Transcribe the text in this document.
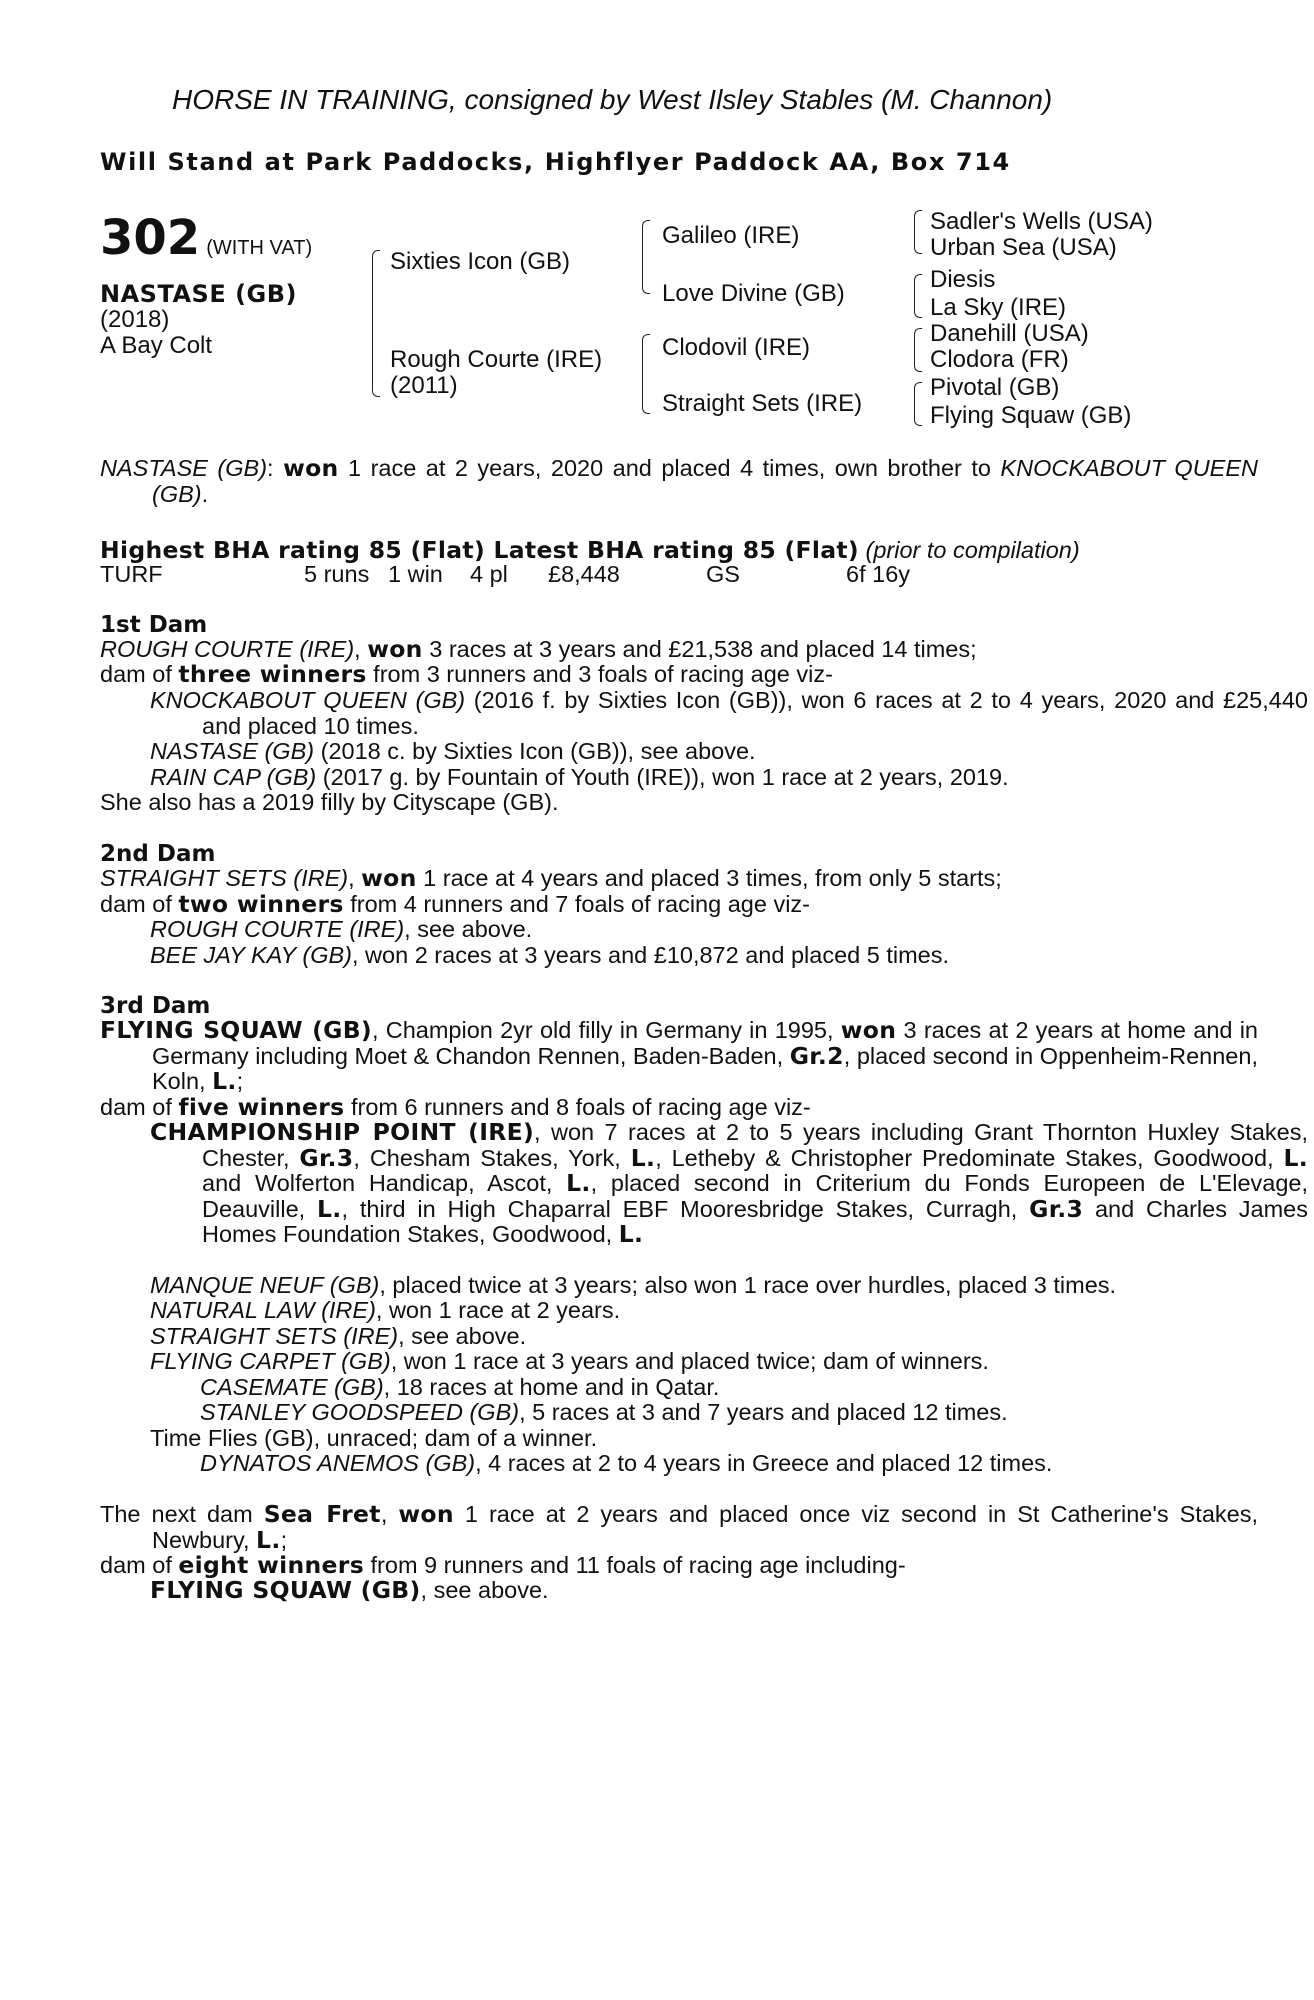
HORSE IN TRAINING, consigned by West Ilsley Stables (M. Channon)
Will Stand at Park Paddocks, Highflyer Paddock AA, Box 714
302 (WITH VAT)
NASTASE (GB)
(2018)
A Bay Colt
Sixties Icon (GB)
Rough Courte (IRE)
(2011)
Galileo (IRE)
Love Divine (GB)
Clodovil (IRE)
Straight Sets (IRE)
Sadler's Wells (USA)
Urban Sea (USA)
Diesis
La Sky (IRE)
Danehill (USA)
Clodora (FR)
Pivotal (GB)
Flying Squaw (GB)
NASTASE (GB): won 1 race at 2 years, 2020 and placed 4 times, own brother to KNOCKABOUT QUEEN (GB).
Highest BHA rating 85 (Flat) Latest BHA rating 85 (Flat) (prior to compilation)
TURF	5 runs 1 win 4 pl £8,448	GS	6f 16y
1st Dam
ROUGH COURTE (IRE), won 3 races at 3 years and £21,538 and placed 14 times;
dam of three winners from 3 runners and 3 foals of racing age viz-
KNOCKABOUT QUEEN (GB) (2016 f. by Sixties Icon (GB)), won 6 races at 2 to 4 years, 2020 and £25,440 and placed 10 times.
NASTASE (GB) (2018 c. by Sixties Icon (GB)), see above.
RAIN CAP (GB) (2017 g. by Fountain of Youth (IRE)), won 1 race at 2 years, 2019.
She also has a 2019 filly by Cityscape (GB).
2nd Dam
STRAIGHT SETS (IRE), won 1 race at 4 years and placed 3 times, from only 5 starts;
dam of two winners from 4 runners and 7 foals of racing age viz-
ROUGH COURTE (IRE), see above.
BEE JAY KAY (GB), won 2 races at 3 years and £10,872 and placed 5 times.
3rd Dam
FLYING SQUAW (GB), Champion 2yr old filly in Germany in 1995, won 3 races at 2 years at home and in Germany including Moet & Chandon Rennen, Baden-Baden, Gr.2, placed second in Oppenheim-Rennen, Koln, L.;
dam of five winners from 6 runners and 8 foals of racing age viz-
CHAMPIONSHIP POINT (IRE), won 7 races at 2 to 5 years including Grant Thornton Huxley Stakes, Chester, Gr.3, Chesham Stakes, York, L., Letheby & Christopher Predominate Stakes, Goodwood, L. and Wolferton Handicap, Ascot, L., placed second in Criterium du Fonds Europeen de L'Elevage, Deauville, L., third in High Chaparral EBF Mooresbridge Stakes, Curragh, Gr.3 and Charles James Homes Foundation Stakes, Goodwood, L.
MANQUE NEUF (GB), placed twice at 3 years; also won 1 race over hurdles, placed 3 times.
NATURAL LAW (IRE), won 1 race at 2 years.
STRAIGHT SETS (IRE), see above.
FLYING CARPET (GB), won 1 race at 3 years and placed twice; dam of winners.
CASEMATE (GB), 18 races at home and in Qatar.
STANLEY GOODSPEED (GB), 5 races at 3 and 7 years and placed 12 times.
Time Flies (GB), unraced; dam of a winner.
DYNATOS ANEMOS (GB), 4 races at 2 to 4 years in Greece and placed 12 times.
The next dam Sea Fret, won 1 race at 2 years and placed once viz second in St Catherine's Stakes, Newbury, L.;
dam of eight winners from 9 runners and 11 foals of racing age including-
FLYING SQUAW (GB), see above.
